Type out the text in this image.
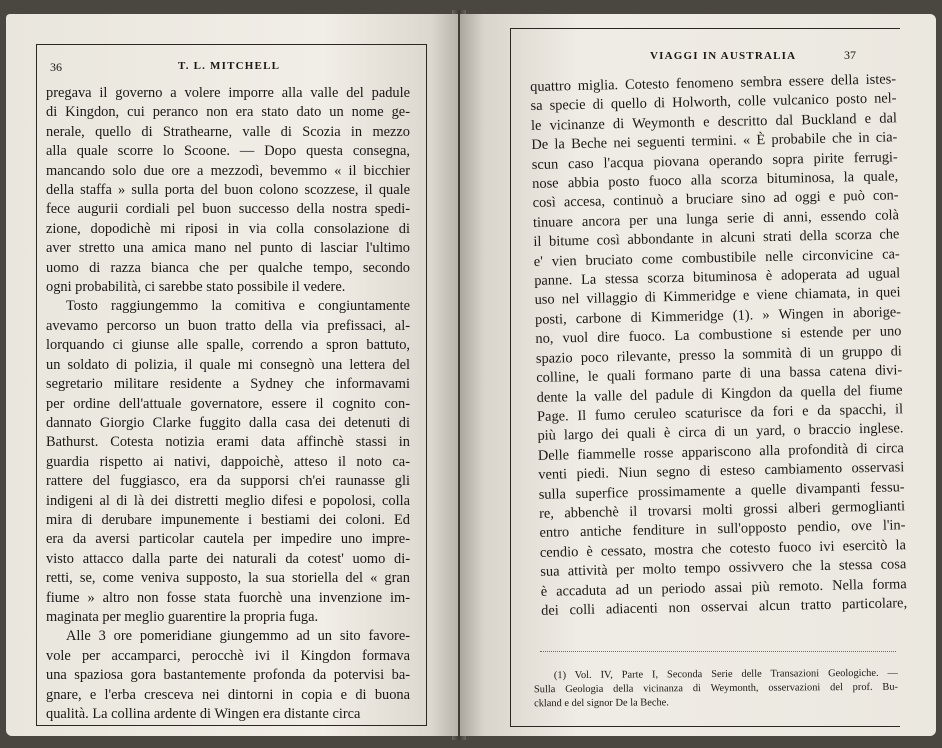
36	T. L. MITCHELL
pregava il governo a volere imporre alla valle del padule
di Kingdon, cui peranco non era stato dato un nome ge-
nerale, quello di Strathearne, valle di Scozia in mezzo
alla quale scorre lo Scoone. — Dopo questa consegna,
mancando solo due ore a mezzodì, bevemmo « il bicchier
della staffa » sulla porta del buon colono scozzese, il quale
fece augurii cordiali pel buon successo della nostra spedi-
zione, dopodichè mi riposi in via colla consolazione di
aver stretto una amica mano nel punto di lasciar l'ultimo
uomo di razza bianca che per qualche tempo, secondo
ogni probabilità, ci sarebbe stato possibile il vedere.
Tosto raggiungemmo la comitiva e congiuntamente
avevamo percorso un buon tratto della via prefissaci, al-
lorquando ci giunse alle spalle, correndo a spron battuto,
un soldato di polizia, il quale mi consegnò una lettera del
segretario militare residente a Sydney che informavami
per ordine dell'attuale governatore, essere il cognito con-
dannato Giorgio Clarke fuggito dalla casa dei detenuti di
Bathurst. Cotesta notizia erami data affinchè stassi in
guardia rispetto ai nativi, dappoichè, atteso il noto ca-
rattere del fuggiasco, era da supporsi ch'ei raunasse gli
indigeni al di là dei distretti meglio difesi e popolosi, colla
mira di derubare impunemente i bestiami dei coloni. Ed
era da aversi particolar cautela per impedire uno impre-
visto attacco dalla parte dei naturali da cotest' uomo di-
retti, se, come veniva supposto, la sua storiella del « gran
fiume » altro non fosse stata fuorchè una invenzione im-
maginata per meglio guarentire la propria fuga.
Alle 3 ore pomeridiane giungemmo ad un sito favore-
vole per accamparci, perocchè ivi il Kingdon formava
una spaziosa gora bastantemente profonda da potervisi ba-
gnare, e l'erba cresceva nei dintorni in copia e di buona
qualità. La collina ardente di Wingen era distante circa
VIAGGI IN AUSTRALIA	37
quattro miglia. Cotesto fenomeno sembra essere della istes-
sa specie di quello di Holworth, colle vulcanico posto nel-
le vicinanze di Weymonth e descritto dal Buckland e dal
De la Beche nei seguenti termini. « È probabile che in cia-
scun caso l'acqua piovana operando sopra pirite ferrugi-
nose abbia posto fuoco alla scorza bituminosa, la quale,
così accesa, continuò a bruciare sino ad oggi e può con-
tinuare ancora per una lunga serie di anni, essendo colà
il bitume così abbondante in alcuni strati della scorza che
e' vien bruciato come combustibile nelle circonvicine ca-
panne. La stessa scorza bituminosa è adoperata ad ugual
uso nel villaggio di Kimmeridge e viene chiamata, in quei
posti, carbone di Kimmeridge (1). » Wingen in aborige-
no, vuol dire fuoco. La combustione si estende per uno
spazio poco rilevante, presso la sommità di un gruppo di
colline, le quali formano parte di una bassa catena divi-
dente la valle del padule di Kingdon da quella del fiume
Page. Il fumo ceruleo scaturisce da fori e da spacchi, il
più largo dei quali è circa di un yard, o braccio inglese.
Delle fiammelle rosse appariscono alla profondità di circa
venti piedi. Niun segno di esteso cambiamento osservasi
sulla superfice prossimamente a quelle divampanti fessu-
re, abbenchè il trovarsi molti grossi alberi germoglianti
entro antiche fenditure in sull'opposto pendio, ove l'in-
cendio è cessato, mostra che cotesto fuoco ivi esercitò la
sua attività per molto tempo ossivvero che la stessa cosa
è accaduta ad un periodo assai più remoto. Nella forma
dei colli adiacenti non osservai alcun tratto particolare,
(1) Vol. IV, Parte I, Seconda Serie delle Transazioni Geologiche. —
Sulla Geologia della vicinanza di Weymonth, osservazioni del prof. Bu-
ckland e del signor De la Beche.
